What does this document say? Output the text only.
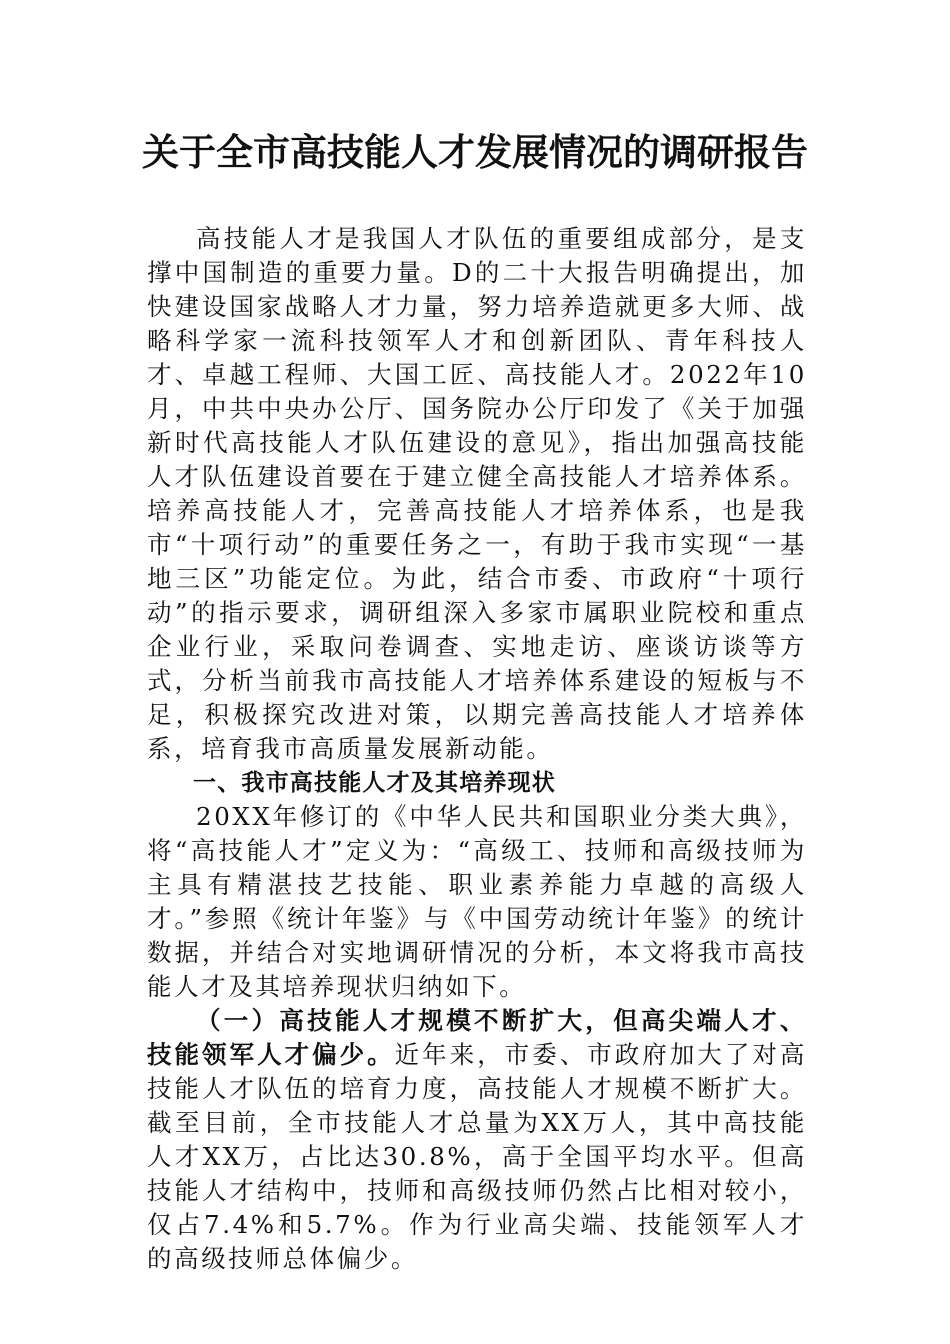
关于全市高技能人才发展情况的调研报告

高技能人才是我国人才队伍的重要组成部分，是支撑中国制造的重要力量。D的二十大报告明确提出，加快建设国家战略人才力量，努力培养造就更多大师、战略科学家一流科技领军人才和创新团队、青年科技人才、卓越工程师、大国工匠、高技能人才。2022年10月，中共中央办公厅、国务院办公厅印发了《关于加强新时代高技能人才队伍建设的意见》，指出加强高技能人才队伍建设首要在于建立健全高技能人才培养体系。培养高技能人才，完善高技能人才培养体系，也是我市“十项行动”的重要任务之一，有助于我市实现“一基地三区”功能定位。为此，结合市委、市政府“十项行动”的指示要求，调研组深入多家市属职业院校和重点企业行业，采取问卷调查、实地走访、座谈访谈等方式，分析当前我市高技能人才培养体系建设的短板与不足，积极探究改进对策，以期完善高技能人才培养体系，培育我市高质量发展新动能。

一、我市高技能人才及其培养现状

20XX年修订的《中华人民共和国职业分类大典》，将“高技能人才”定义为：“高级工、技师和高级技师为主具有精湛技艺技能、职业素养能力卓越的高级人才。”参照《统计年鉴》与《中国劳动统计年鉴》的统计数据，并结合对实地调研情况的分析，本文将我市高技能人才及其培养现状归纳如下。

（一）高技能人才规模不断扩大，但高尖端人才、技能领军人才偏少。近年来，市委、市政府加大了对高技能人才队伍的培育力度，高技能人才规模不断扩大。截至目前，全市技能人才总量为XX万人，其中高技能人才XX万，占比达30.8%，高于全国平均水平。但高技能人才结构中，技师和高级技师仍然占比相对较小，仅占7.4%和5.7%。作为行业高尖端、技能领军人才的高级技师总体偏少。
